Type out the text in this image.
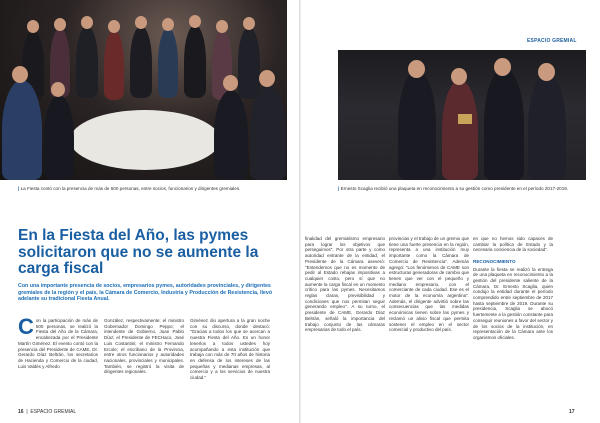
| La Fiesta contó con la presencia de más de 500 personas, entre socios, funcionarios y dirigentes gremiales.
En la Fiesta del Año, las pymes solicitaron que no se aumente la carga fiscal
Con una importante presencia de socios, empresarios pymes, autoridades provinciales, y dirigentes gremiales de la región y el país, la Cámara de Comercio, Industria y Producción de Resistencia, llevó adelante su tradicional Fiesta Anual.
C on la participación de más de 500 personas, se realizó la Fiesta del Año de la Cámara, encabezada por el Presidente Martín Giménez. El evento contó con la presencia del Presidente de CAME, Dr. Gerardo Díaz Beltrán, los secretarios de Hacienda y Comercio de la ciudad, Luis Valdés y Alfredo
González, respectivamente; el ministro Gobernador Domingo Peppo; el intendente de Gobierno, Juan Pablo Díaz; el Presidente de FECHaco, José Luis Costantini; el ministro Fernando Ercole; el escribano de la Provincia, entre otros funcionarios y autoridades nacionales, provinciales y municipales. También, se registró la visita de dirigentes regionales.
Giménez dio apertura a la gran noche con su discurso, donde destacó: "Gracias a todos los que se acercan a nuestra Fiesta del Año. Es un honor tenerlos a todos ustedes hoy acompañando a esta institución que trabaja con más de 70 años de historia en defensa de los intereses de las pequeñas y medianas empresas, al comercio y a los servicios de nuestra ciudad."
16  |  ESPACIO GREMIAL
| Ernesto Scaglia recibió una plaqueta en reconocimiento a su gestión como presidente en el período 2017-2019.
finalidad del gremialismo empresario para lograr los objetivos que perseguimos". Por otra parte y como autoridad entrante de la entidad, el Presidente de la Cámara aseveró: "Entendemos que no es momento de pedir al Estado rebajas impositivas a cualquier costo, pero sí que no aumente la carga fiscal en un momento crítico para las pymes. Necesitamos reglas claras, previsibilidad y condiciones que nos permitan seguir generando empleo". A su turno, el presidente de CAME, Gerardo Díaz Beltrán, señaló la importancia del trabajo conjunto de las cámaras empresarias de todo el país.
provincias y el trabajo de un gremio que tiene una fuerte presencia en la región, representa a una institución muy importante como la Cámara de Comercio de Resistencia". Además agregó: "Los fenómenos de CAME son estructuras generadoras de cambio que tienen que ver con el pequeño y mediano empresario, con el comerciante de cada ciudad. Ese es el motor de la economía argentina". Además, el dirigente advirtió sobre las consecuencias que las medidas económicas tienen sobre las pymes y reclamó un alivio fiscal que permita sostener el empleo en el sector comercial y productivo del país.
en que no hemos sido capaces de cambiar la política de Estado y la necesaria conciencia de la sociedad".

RECONOCIMIENTO
Durante la fiesta se realizó la entrega de una plaqueta en reconocimiento a la gestión del presidente saliente de la Cámara, Dr. Ernesto Scaglia, quien condujo la entidad durante el período comprendido entre septiembre de 2017 hasta septiembre de 2019. Durante su presidencia, Scaglia se abocó fuertemente a la gestión constante para conseguir reuniones a favor del sector y de los socios de la institución, en representación de la Cámara ante los organismos oficiales.
17
ESPACIO GREMIAL
